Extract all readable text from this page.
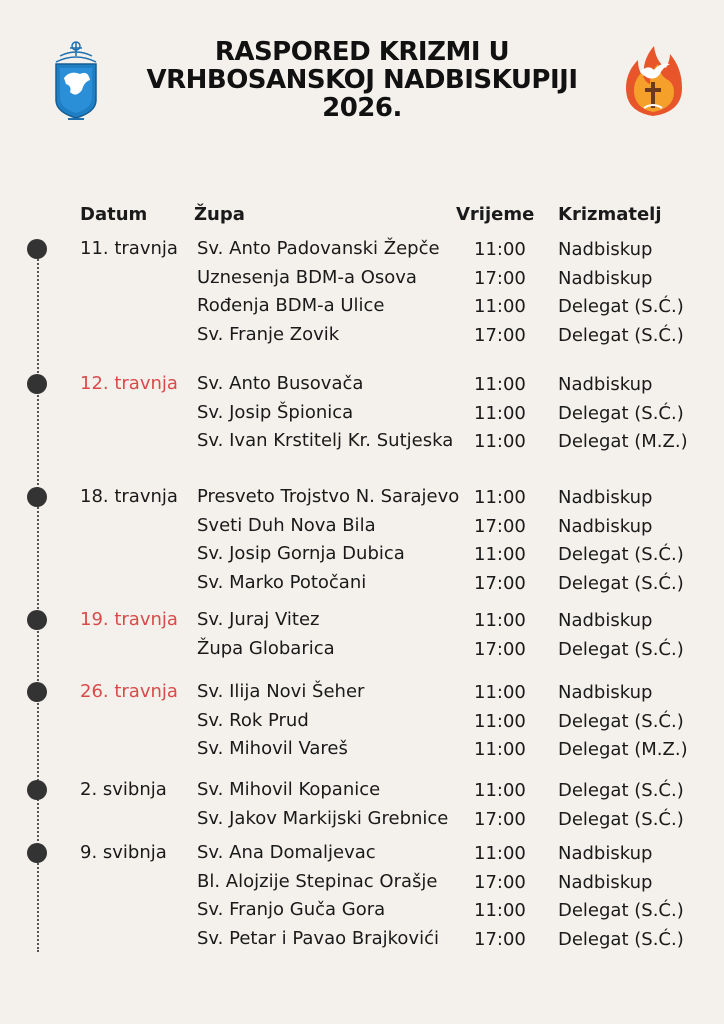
RASPORED KRIZMI U
VRHBOSANSKOJ NADBISKUPIJI
2026.
Datum	Župa	Vrijeme Krizmatelj
11. travnja Sv. Anto Padovanski Žepče 11:00 Nadbiskup
Uznesenja BDM-a Osova	17:00 Nadbiskup
Rođenja BDM-a Ulice	11:00 Delegat (S.Ć.)
Sv. Franje Zovik	17:00 Delegat (S.Ć.)
12. travnja Sv. Anto Busovača	11:00 Nadbiskup
Sv. Josip Špionica	11:00 Delegat (S.Ć.)
Sv. Ivan Krstitelj Kr. Sutjeska 11:00 Delegat (M.Z.)
18. travnja Presveto Trojstvo N. Sarajevo 11:00 Nadbiskup
Sveti Duh Nova Bila	17:00 Nadbiskup
Sv. Josip Gornja Dubica	11:00 Delegat (S.Ć.)
Sv. Marko Potočani	17:00 Delegat (S.Ć.)
19. travnja Sv. Juraj Vitez	11:00 Nadbiskup
Župa Globarica	17:00 Delegat (S.Ć.)
26. travnja Sv. Ilija Novi Šeher	11:00 Nadbiskup
Sv. Rok Prud	11:00 Delegat (S.Ć.)
Sv. Mihovil Vareš	11:00 Delegat (M.Z.)
2. svibnja Sv. Mihovil Kopanice	11:00 Delegat (S.Ć.)
Sv. Jakov Markijski Grebnice 17:00 Delegat (S.Ć.)
9. svibnja Sv. Ana Domaljevac	11:00 Nadbiskup
Bl. Alojzije Stepinac Orašje 17:00 Nadbiskup
Sv. Franjo Guča Gora	11:00 Delegat (S.Ć.)
Sv. Petar i Pavao Brajkovići 17:00 Delegat (S.Ć.)
